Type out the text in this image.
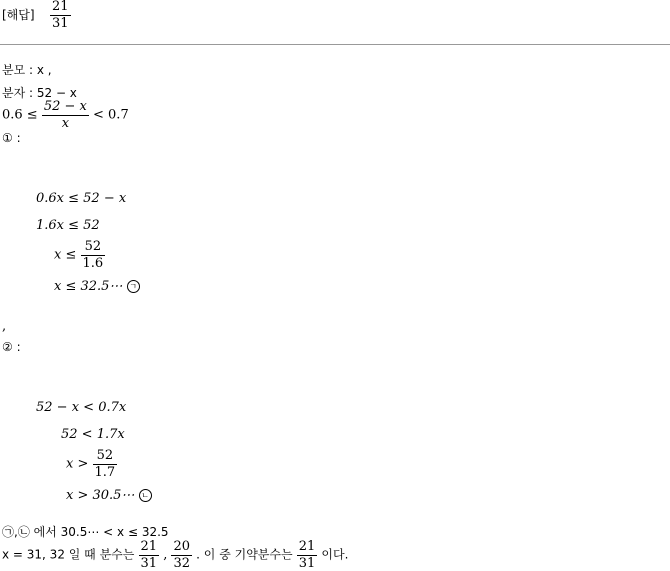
[해답] $\frac{21}{31}$
분모 : x ,
분자 : 52 − x
$0.6 \le \frac{52 - x}{x} < 0.7$
① :
0.6x ≤ 52 − x
1.6x ≤ 52
$x \le \frac{52}{1.6}$
x ≤ 32.5⋯ ㄱ
,
② :
52 − x < 0.7x
52 < 1.7x
$x > \frac{52}{1.7}$
x > 30.5⋯ ㄴ
㉠,㉡ 에서 30.5⋯ < x ≤ 32.5
x = 31, 32 일 때 분수는 $\frac{21}{31}$ , $\frac{20}{32}$ . 이 중 기약분수는 $\frac{21}{31}$ 이다.
